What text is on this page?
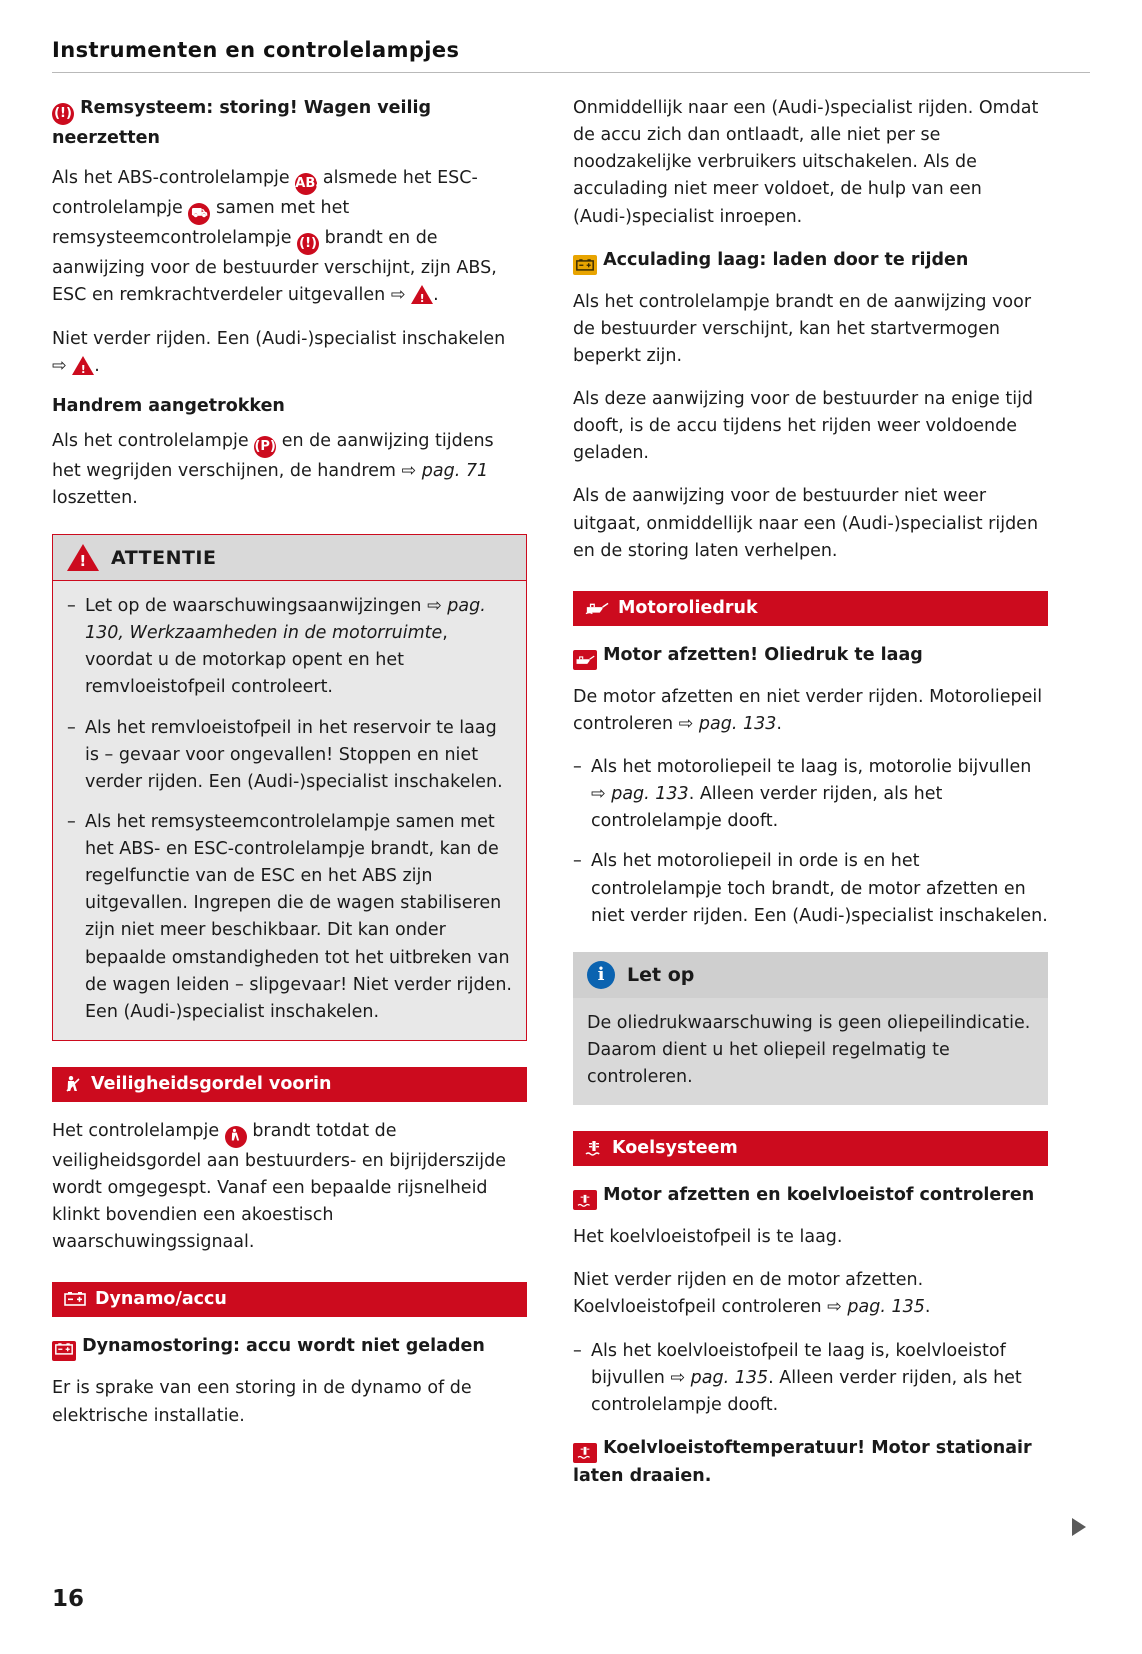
Instrumenten en controlelampjes
(!) Remsysteem: storing! Wagen veilig neerzetten

Als het ABS-controlelampje ABS alsmede het ESC-controlelampje ⛟ samen met het remsysteemcontrolelampje (!) brandt en de aanwijzing voor de bestuurder verschijnt, zijn ABS, ESC en remkrachtverdeler uitgevallen ⇨ ! .

Niet verder rijden. Een (Audi-)specialist inschakelen ⇨ ! .

Handrem aangetrokken

Als het controlelampje (P) en de aanwijzing tijdens het wegrijden verschijnen, de handrem ⇨ pag. 71 loszetten.

!
ATTENTIE
– Let op de waarschuwingsaanwijzingen ⇨ pag. 130, Werkzaamheden in de motorruimte, voordat u de motorkap opent en het remvloeistofpeil controleert.
– Als het remvloeistofpeil in het reservoir te laag is – gevaar voor ongevallen! Stoppen en niet verder rijden. Een (Audi-)specialist inschakelen.
– Als het remsysteemcontrolelampje samen met het ABS- en ESC-controlelampje brandt, kan de regelfunctie van de ESC en het ABS zijn uitgevallen. Ingrepen die de wagen stabiliseren zijn niet meer beschikbaar. Dit kan onder bepaalde omstandigheden tot het uitbreken van de wagen leiden – slipgevaar! Niet verder rijden. Een (Audi-)specialist inschakelen.
Veiligheidsgordel voorin

Het controlelampje brandt totdat de veiligheidsgordel aan bestuurders- en bijrijderszijde wordt omgegespt. Vanaf een bepaalde rijsnelheid klinkt bovendien een akoestisch waarschuwingssignaal.

Dynamo/accu
Dynamostoring: accu wordt niet geladen

Er is sprake van een storing in de dynamo of de elektrische installatie.

Onmiddellijk naar een (Audi-)specialist rijden. Omdat de accu zich dan ontlaadt, alle niet per se noodzakelijke verbruikers uitschakelen. Als de acculading niet meer voldoet, de hulp van een (Audi-)specialist inroepen.

Acculading laag: laden door te rijden

Als het controlelampje brandt en de aanwijzing voor de bestuurder verschijnt, kan het startvermogen beperkt zijn.

Als deze aanwijzing voor de bestuurder na enige tijd dooft, is de accu tijdens het rijden weer voldoende geladen.

Als de aanwijzing voor de bestuurder niet weer uitgaat, onmiddellijk naar een (Audi-)specialist rijden en de storing laten verhelpen.

Motoroliedruk
Motor afzetten! Oliedruk te laag

De motor afzetten en niet verder rijden. Motoroliepeil controleren ⇨ pag. 133.

– Als het motoroliepeil te laag is, motorolie bijvullen ⇨ pag. 133. Alleen verder rijden, als het controlelampje dooft.
– Als het motoroliepeil in orde is en het controlelampje toch brandt, de motor afzetten en niet verder rijden. Een (Audi-)specialist inschakelen.
i	Let op

De oliedrukwaarschuwing is geen oliepeilindicatie. Daarom dient u het oliepeil regelmatig te controleren.

Koelsysteem
Motor afzetten en koelvloeistof controleren

Het koelvloeistofpeil is te laag.

Niet verder rijden en de motor afzetten. Koelvloeistofpeil controleren ⇨ pag. 135.

– Als het koelvloeistofpeil te laag is, koelvloeistof bijvullen ⇨ pag. 135. Alleen verder rijden, als het controlelampje dooft.
Koelvloeistoftemperatuur! Motor stationair laten draaien.
16
